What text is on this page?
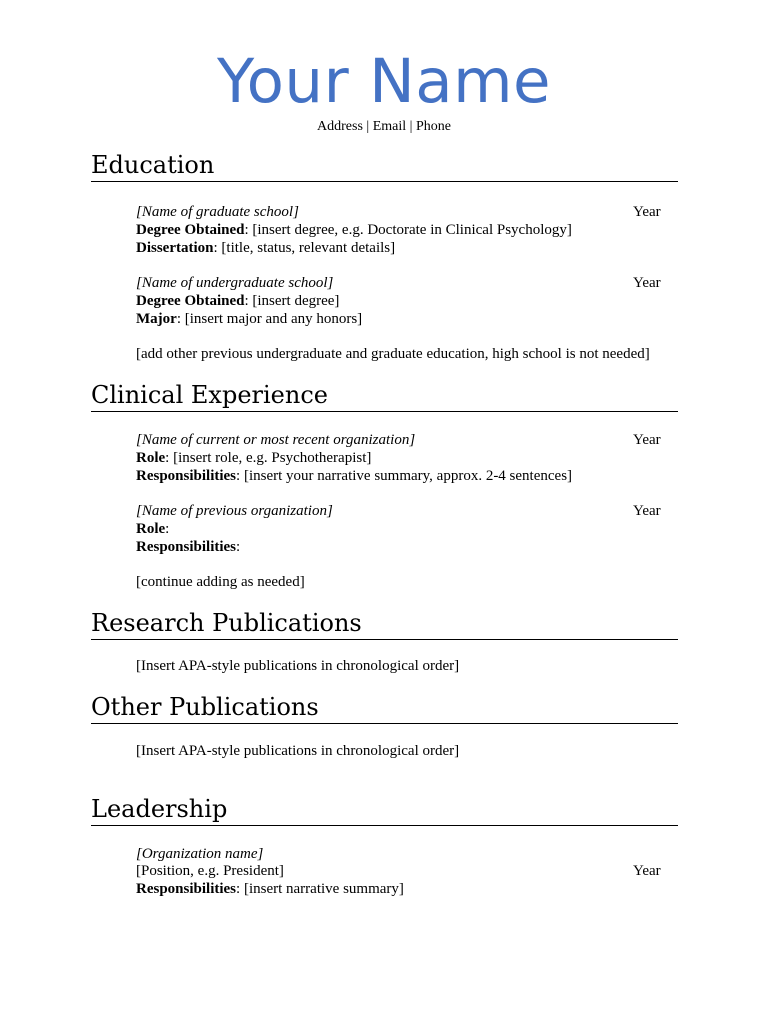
Your Name
Address | Email | Phone
Education
[Name of graduate school]	Year
Degree Obtained: [insert degree, e.g. Doctorate in Clinical Psychology]
Dissertation: [title, status, relevant details]
[Name of undergraduate school]	Year
Degree Obtained: [insert degree]
Major: [insert major and any honors]
[add other previous undergraduate and graduate education, high school is not needed]
Clinical Experience
[Name of current or most recent organization]	Year
Role: [insert role, e.g. Psychotherapist]
Responsibilities: [insert your narrative summary, approx. 2-4 sentences]
[Name of previous organization]	Year
Role:
Responsibilities:
[continue adding as needed]
Research Publications
[Insert APA-style publications in chronological order]
Other Publications
[Insert APA-style publications in chronological order]
Leadership
[Organization name]
[Position, e.g. President]	Year
Responsibilities: [insert narrative summary]
